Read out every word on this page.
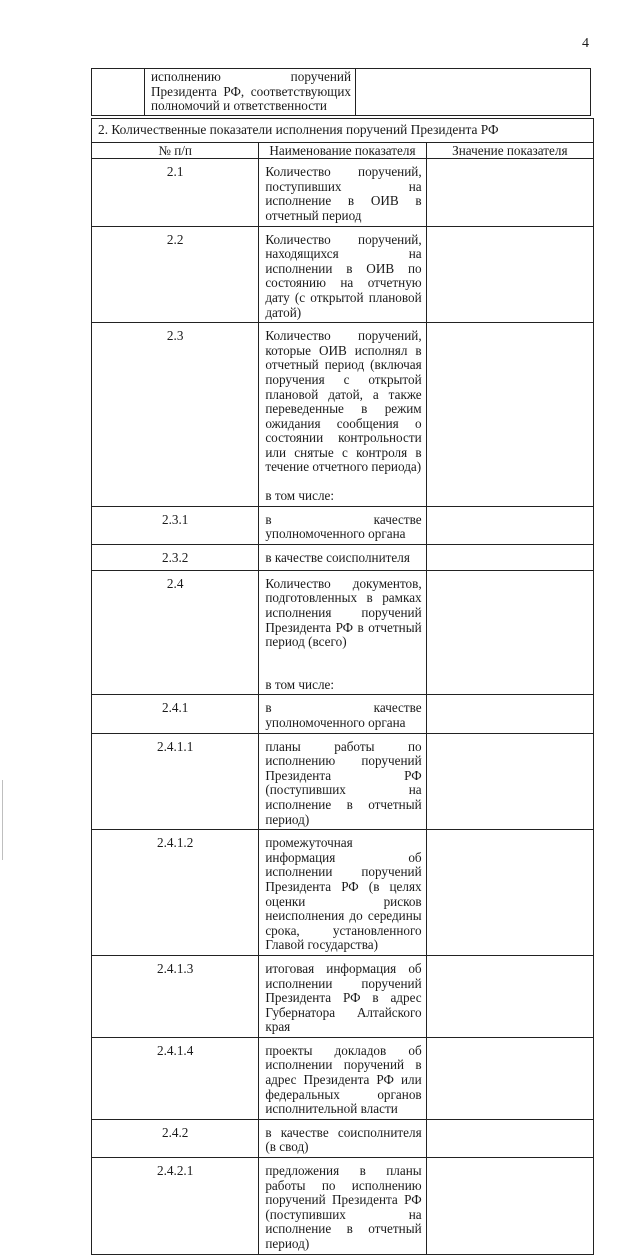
4
	исполнению поручений Президента РФ, соответствующих полномочий и ответственности	
2. Количественные показатели исполнения поручений Президента РФ		
№ п/п	Наименование показателя	Значение показателя
2.1	Количество поручений, поступивших на исполнение в ОИВ в отчетный период	
2.2	Количество поручений, находящихся на исполнении в ОИВ по состоянию на отчетную дату (с открытой плановой датой)	
2.3	Количество поручений, которые ОИВ исполнял в отчетный период (включая поручения с открытой плановой датой, а также переведенные в режим ожидания сообщения о состоянии контрольности или снятые с контроля в течение отчетного периода)
в том числе:	
2.3.1	в качестве уполномоченного органа	
2.3.2	в качестве соисполнителя	
2.4	Количество документов, подготовленных в рамках исполнения поручений Президента РФ в отчетный период (всего)
в том числе:	
2.4.1	в качестве уполномоченного органа	
2.4.1.1	планы работы по исполнению поручений Президента РФ (поступивших на исполнение в отчетный период)	
2.4.1.2	промежуточная информация об исполнении поручений Президента РФ (в целях оценки рисков неисполнения до середины срока, установленного Главой государства)	
2.4.1.3	итоговая информация об исполнении поручений Президента РФ в адрес Губернатора Алтайского края	
2.4.1.4	проекты докладов об исполнении поручений в адрес Президента РФ или федеральных органов исполнительной власти	
2.4.2	в качестве соисполнителя (в свод)	
2.4.2.1	предложения в планы работы по исполнению поручений Президента РФ (поступивших на исполнение в отчетный период)	
